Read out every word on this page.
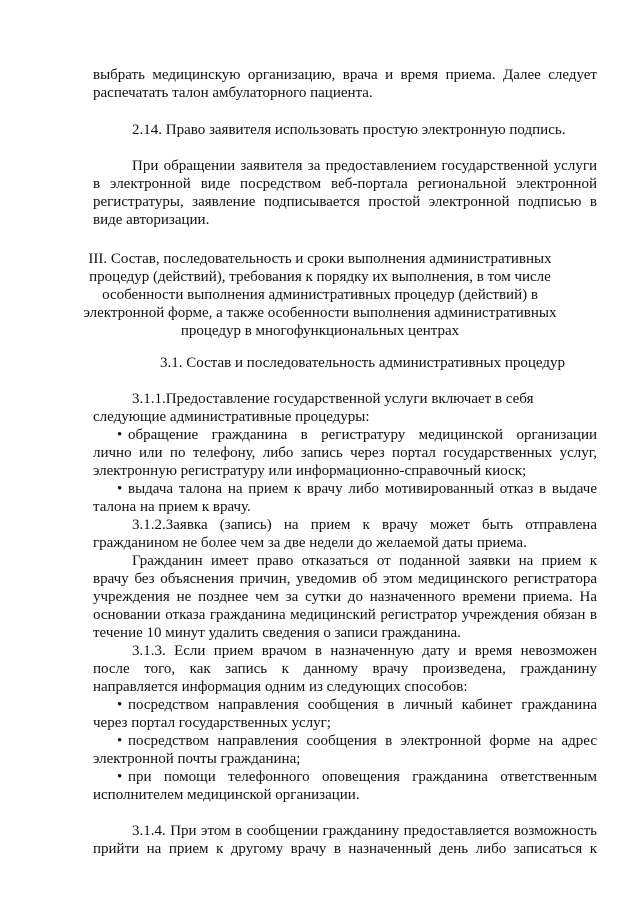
выбрать медицинскую организацию, врача и время приема. Далее следует
распечатать талон амбулаторного пациента.
2.14. Право заявителя использовать простую электронную подпись.
При обращении заявителя за предоставлением государственной услуги
в электронной виде посредством веб-портала региональной электронной
регистратуры, заявление подписывается простой электронной подписью в
виде авторизации.
III. Состав, последовательность и сроки выполнения административных
процедур (действий), требования к порядку их выполнения, в том числе
особенности выполнения административных процедур (действий) в
электронной форме, а также особенности выполнения административных
процедур в многофункциональных центрах
3.1. Состав и последовательность административных процедур
3.1.1.Предоставление государственной услуги включает в себя
следующие административные процедуры:
• обращение гражданина в регистратуру медицинской организации
лично или по телефону, либо запись через портал государственных услуг,
электронную регистратуру или информационно-справочный киоск;
• выдача талона на прием к врачу либо мотивированный отказ в выдаче
талона на прием к врачу.
3.1.2.Заявка (запись) на прием к врачу может быть отправлена
гражданином не более чем за две недели до желаемой даты приема.
Гражданин имеет право отказаться от поданной заявки на прием к
врачу без объяснения причин, уведомив об этом медицинского регистратора
учреждения не позднее чем за сутки до назначенного времени приема. На
основании отказа гражданина медицинский регистратор учреждения обязан в
течение 10 минут удалить сведения о записи гражданина.
3.1.3. Если прием врачом в назначенную дату и время невозможен
после того, как запись к данному врачу произведена, гражданину
направляется информация одним из следующих способов:
• посредством направления сообщения в личный кабинет гражданина
через портал государственных услуг;
• посредством направления сообщения в электронной форме на адрес
электронной почты гражданина;
• при помощи телефонного оповещения гражданина ответственным
исполнителем медицинской организации.
3.1.4. При этом в сообщении гражданину предоставляется возможность
прийти на прием к другому врачу в назначенный день либо записаться к
